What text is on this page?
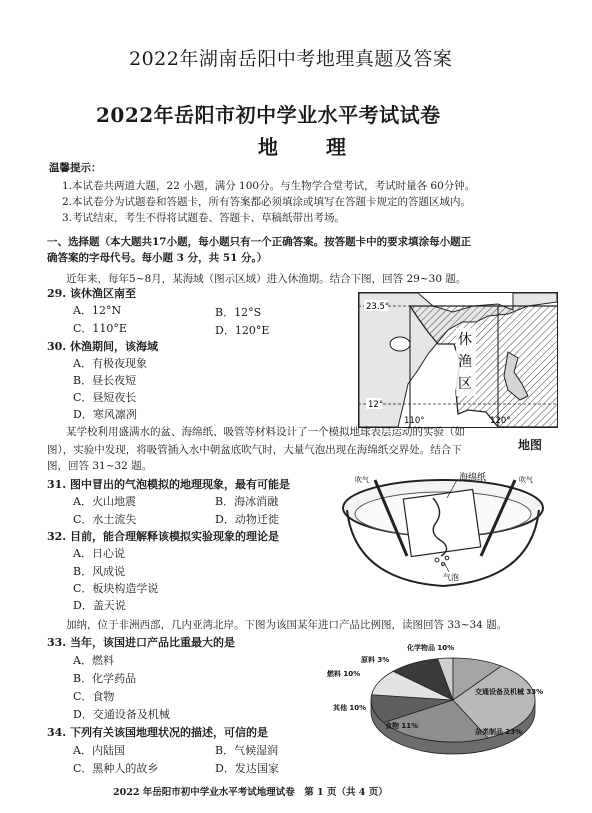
2022年湖南岳阳中考地理真题及答案
2022年岳阳市初中学业水平考试试卷
地　理
温馨提示：
1.本试卷共两道大题，22 小题，满分 100分。与生物学合堂考试，考试时量各 60分钟。
2.本试卷分为试题卷和答题卡，所有答案都必须填涂或填写在答题卡规定的答题区域内。
3.考试结束，考生不得将试题卷、答题卡、草稿纸带出考场。
一、选择题（本大题共17小题，每小题只有一个正确答案。按答题卡中的要求填涂每小题正
确答案的字母代号。每小题 3 分，共 51 分。）
近年来，每年5~8月，某海域（图示区域）进入休渔期。结合下图，回答 29~30 题。
29. 该休渔区南至
A．12°N	B．12°S
C．110°E	D．120°E
30. 休渔期间，该海域
A．有极夜现象
B．昼长夜短
C．昼短夜长
D．寒风凛冽
23.5°
12°
110°	120°
休
渔
区
地图
某学校利用盛满水的盆、海绵纸、吸管等材料设计了一个模拟地球表层运动的实验（如
图），实验中发现，将吸管插入水中朝盆底吹气时，大量气泡出现在海绵纸交界处。结合下
图，回答 31~32 题。
31. 图中冒出的气泡模拟的地理现象，最有可能是
A．火山地震	B．海冰消融
C．水土流失	D．动物迁徙
32. 目前，能合理解释该模拟实验现象的理论是
A．日心说
B．风成说
C．板块构造学说
D．盖天说
海绵纸
吹气	吹气
气泡
加纳，位于非洲西部，几内亚湾北岸。下图为该国某年进口产品比例图，读图回答 33~34 题。
33. 当年，该国进口产品比重最大的是
A．燃料
B．化学药品
C．食物
D．交通设备及机械
34. 下列有关该国地理状况的描述，可信的是
A．内陆国	B．气候湿润
C．黑种人的故乡	D．发达国家
交通设备及机械 33%
杂类制品 23%
食物 11%
其他 10%
燃料 10%
原料 3%
化学物品 10%
2022 年岳阳市初中学业水平考试地理试卷　第 1 页（共 4 页）
